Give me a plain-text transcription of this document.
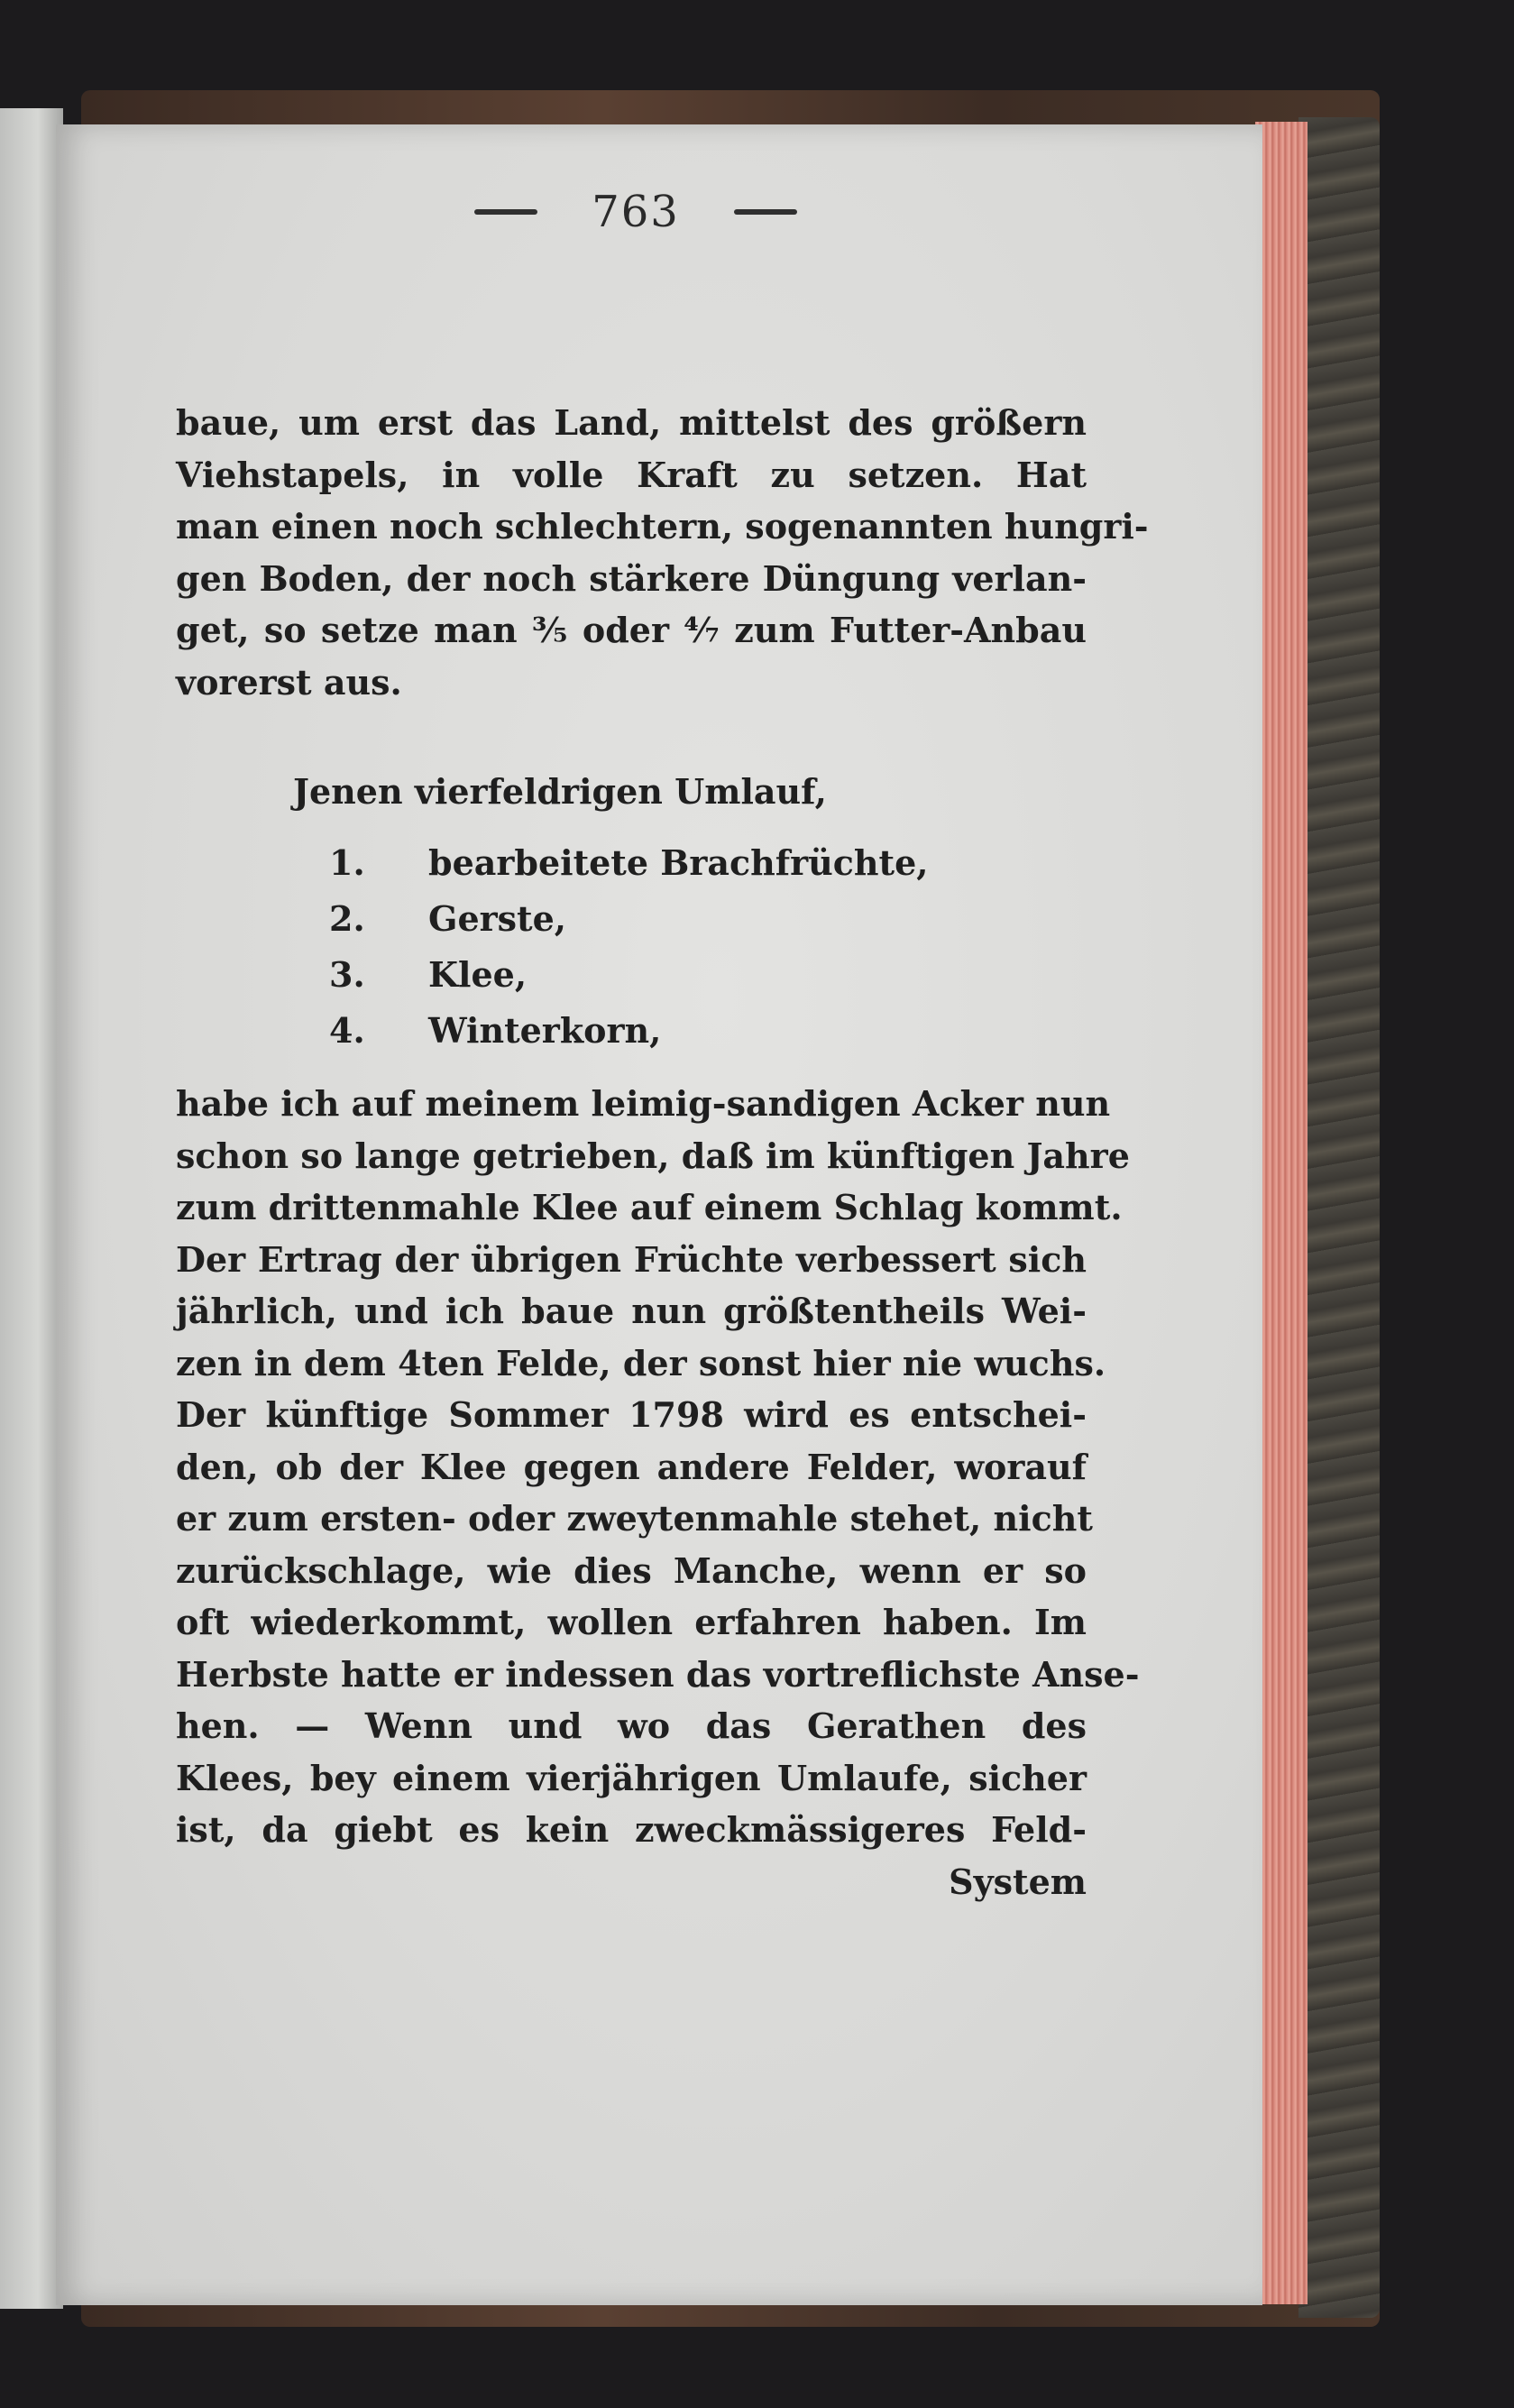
763
baue, um erst das Land, mittelst des größern
Viehstapels, in volle Kraft zu setzen. Hat
man einen noch schlechtern, sogenannten hungri-
gen Boden, der noch stärkere Düngung verlan-
get, so setze man ³⁄₅ oder ⁴⁄₇ zum Futter-Anbau
vorerst aus.
Jenen vierfeldrigen Umlauf,
1.	bearbeitete Brachfrüchte,
2.	Gerste,
3.	Klee,
4.	Winterkorn,
habe ich auf meinem leimig-sandigen Acker nun
schon so lange getrieben, daß im künftigen Jahre
zum drittenmahle Klee auf einem Schlag kommt.
Der Ertrag der übrigen Früchte verbessert sich
jährlich, und ich baue nun größtentheils Wei-
zen in dem 4ten Felde, der sonst hier nie wuchs.
Der künftige Sommer 1798 wird es entschei-
den, ob der Klee gegen andere Felder, worauf
er zum ersten- oder zweytenmahle stehet, nicht
zurückschlage, wie dies Manche, wenn er so
oft wiederkommt, wollen erfahren haben. Im
Herbste hatte er indessen das vortreflichste Anse-
hen. — Wenn und wo das Gerathen des
Klees, bey einem vierjährigen Umlaufe, sicher
ist, da giebt es kein zweckmässigeres Feld-
System
